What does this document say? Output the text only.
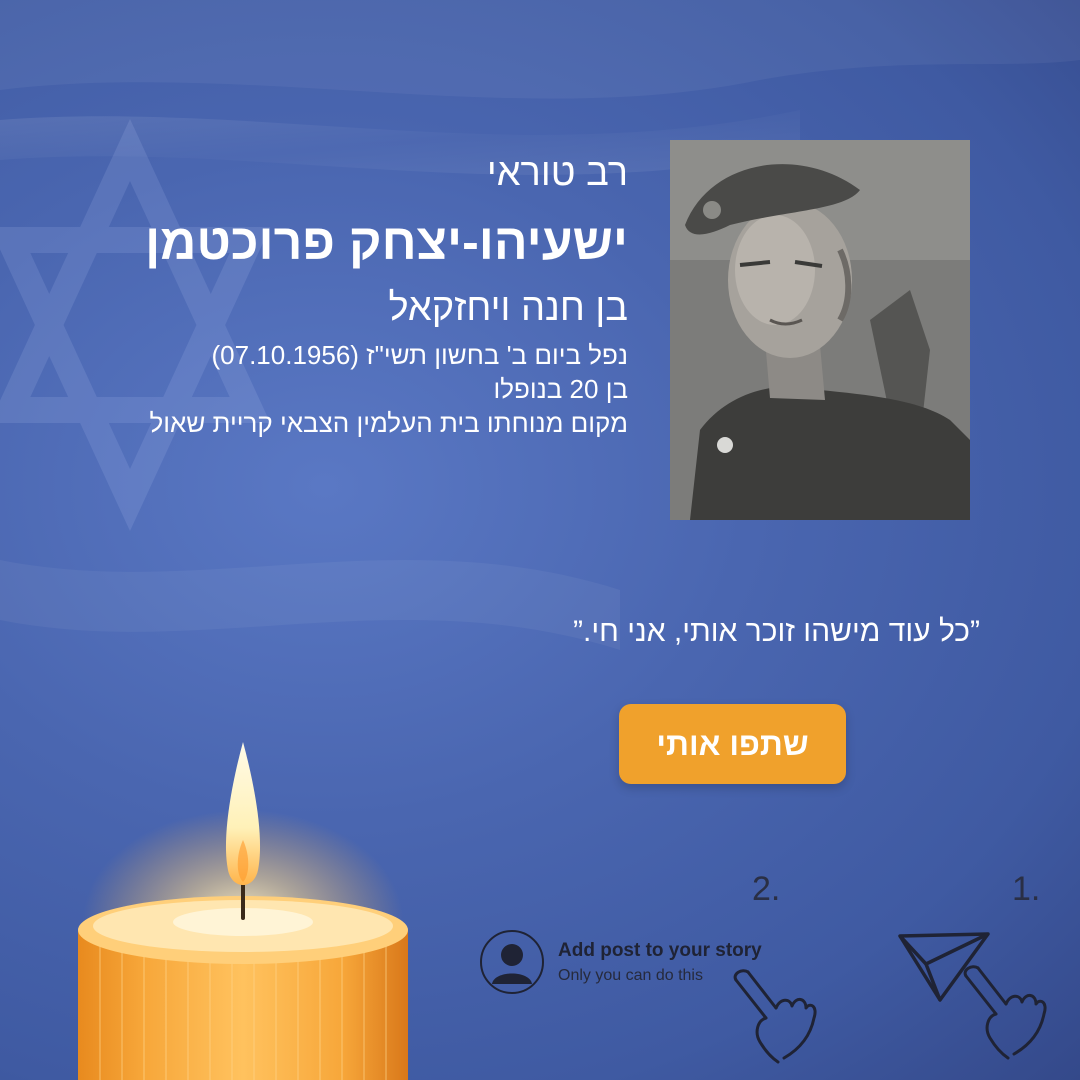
רב טוראי

ישעיהו-יצחק פרוכטמן

בן חנה ויחזקאל

נפל ביום ב' בחשון תשי"ז (07.10.1956)

בן 20 בנופלו

מקום מנוחתו בית העלמין הצבאי קריית שאול

”כל עוד מישהו זוכר אותי, אני חי.”
שתפו אותי
2.	1.
Add post to your story
Only you can do this
